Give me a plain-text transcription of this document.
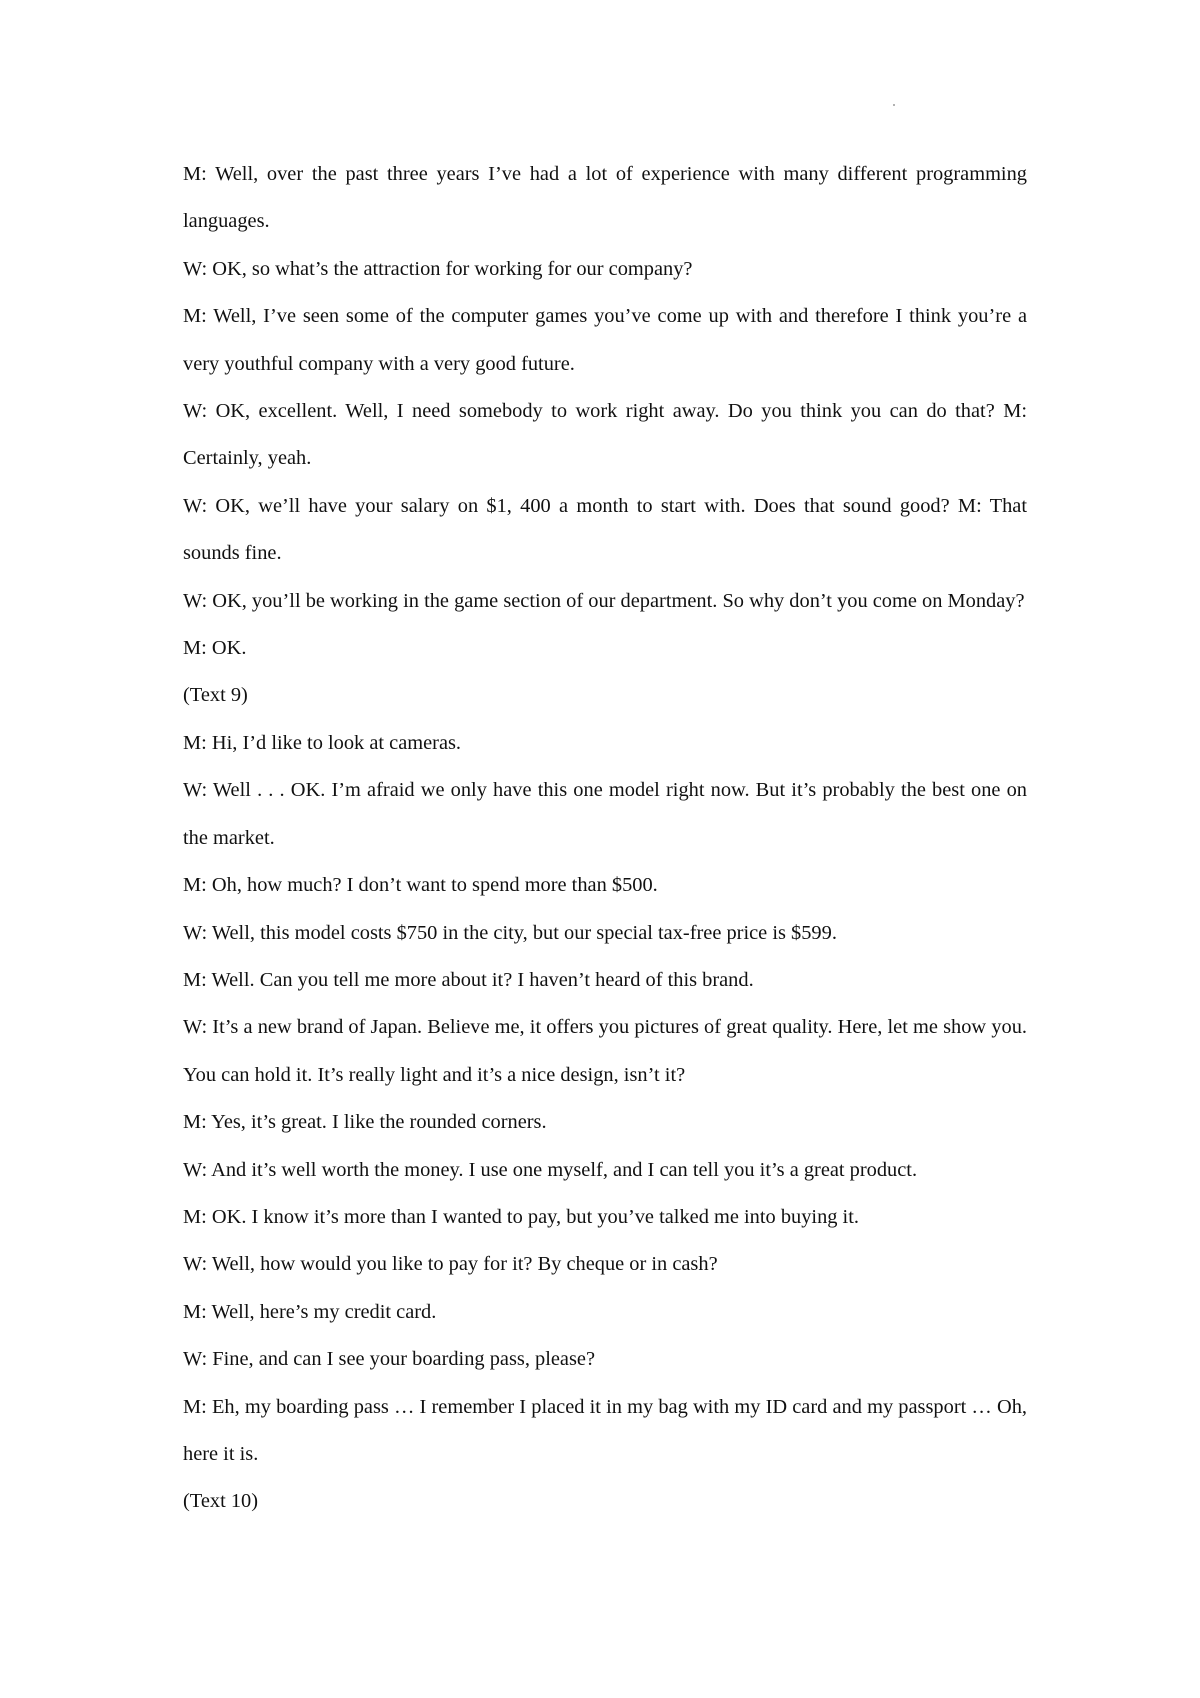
M: Well, over the past three years I’ve had a lot of experience with many different programming languages.

W: OK, so what’s the attraction for working for our company?

M: Well, I’ve seen some of the computer games you’ve come up with and therefore I think you’re a very youthful company with a very good future.

W: OK, excellent. Well, I need somebody to work right away. Do you think you can do that? M: Certainly, yeah.

W: OK, we’ll have your salary on $1, 400 a month to start with. Does that sound good? M: That sounds fine.

W: OK, you’ll be working in the game section of our department. So why don’t you come on Monday?

M: OK.

(Text 9)

M: Hi, I’d like to look at cameras.

W: Well . . . OK. I’m afraid we only have this one model right now. But it’s probably the best one on the market.

M: Oh, how much? I don’t want to spend more than $500.

W: Well, this model costs $750 in the city, but our special tax-free price is $599.

M: Well. Can you tell me more about it? I haven’t heard of this brand.

W: It’s a new brand of Japan. Believe me, it offers you pictures of great quality. Here, let me show you. You can hold it. It’s really light and it’s a nice design, isn’t it?

M: Yes, it’s great. I like the rounded corners.

W: And it’s well worth the money. I use one myself, and I can tell you it’s a great product.

M: OK. I know it’s more than I wanted to pay, but you’ve talked me into buying it.

W: Well, how would you like to pay for it? By cheque or in cash?

M: Well, here’s my credit card.

W: Fine, and can I see your boarding pass, please?

M: Eh, my boarding pass … I remember I placed it in my bag with my ID card and my passport … Oh, here it is.

(Text 10)
